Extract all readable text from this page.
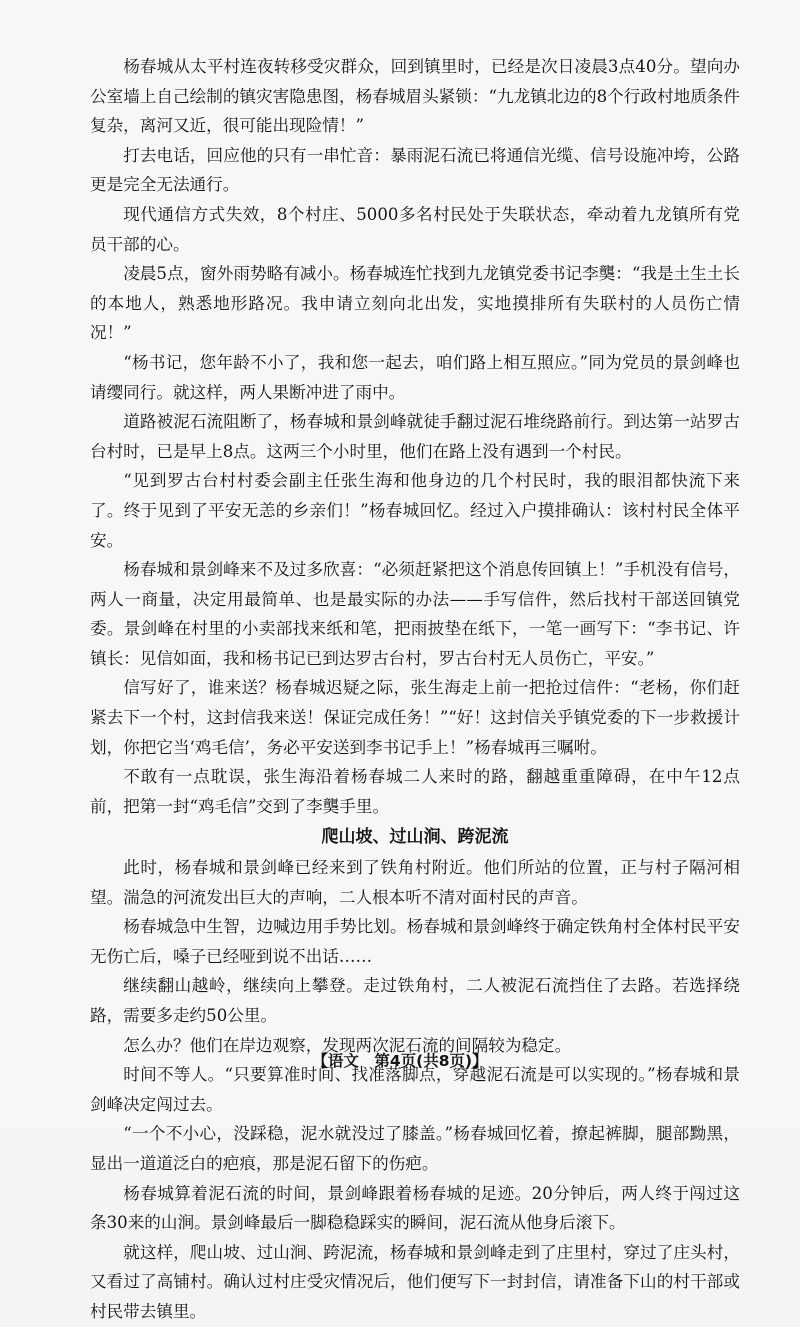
杨春城从太平村连夜转移受灾群众，回到镇里时，已经是次日凌晨3点40分。望向办公室墙上自己绘制的镇灾害隐患图，杨春城眉头紧锁：“九龙镇北边的8个行政村地质条件复杂，离河又近，很可能出现险情！”

打去电话，回应他的只有一串忙音：暴雨泥石流已将通信光缆、信号设施冲垮，公路更是完全无法通行。

现代通信方式失效，8个村庄、5000多名村民处于失联状态，牵动着九龙镇所有党员干部的心。

凌晨5点，窗外雨势略有减小。杨春城连忙找到九龙镇党委书记李龑：“我是土生土长的本地人，熟悉地形路况。我申请立刻向北出发，实地摸排所有失联村的人员伤亡情况！”

“杨书记，您年龄不小了，我和您一起去，咱们路上相互照应。”同为党员的景剑峰也请缨同行。就这样，两人果断冲进了雨中。

道路被泥石流阻断了，杨春城和景剑峰就徒手翻过泥石堆绕路前行。到达第一站罗古台村时，已是早上8点。这两三个小时里，他们在路上没有遇到一个村民。

“见到罗古台村村委会副主任张生海和他身边的几个村民时，我的眼泪都快流下来了。终于见到了平安无恙的乡亲们！”杨春城回忆。经过入户摸排确认：该村村民全体平安。

杨春城和景剑峰来不及过多欣喜：“必须赶紧把这个消息传回镇上！”手机没有信号，两人一商量，决定用最简单、也是最实际的办法——手写信件，然后找村干部送回镇党委。景剑峰在村里的小卖部找来纸和笔，把雨披垫在纸下，一笔一画写下：“李书记、许镇长：见信如面，我和杨书记已到达罗古台村，罗古台村无人员伤亡，平安。”

信写好了，谁来送？杨春城迟疑之际，张生海走上前一把抢过信件：“老杨，你们赶紧去下一个村，这封信我来送！保证完成任务！”“好！这封信关乎镇党委的下一步救援计划，你把它当‘鸡毛信’，务必平安送到李书记手上！”杨春城再三嘱咐。

不敢有一点耽误，张生海沿着杨春城二人来时的路，翻越重重障碍，在中午12点前，把第一封“鸡毛信”交到了李龑手里。

爬山坡、过山涧、跨泥流

此时，杨春城和景剑峰已经来到了铁角村附近。他们所站的位置，正与村子隔河相望。湍急的河流发出巨大的声响，二人根本听不清对面村民的声音。

杨春城急中生智，边喊边用手势比划。杨春城和景剑峰终于确定铁角村全体村民平安无伤亡后，嗓子已经哑到说不出话……

继续翻山越岭，继续向上攀登。走过铁角村，二人被泥石流挡住了去路。若选择绕路，需要多走约50公里。

怎么办？他们在岸边观察，发现两次泥石流的间隔较为稳定。

时间不等人。“只要算准时间、找准落脚点，穿越泥石流是可以实现的。”杨春城和景剑峰决定闯过去。

“一个不小心，没踩稳，泥水就没过了膝盖。”杨春城回忆着，撩起裤脚，腿部黝黑，显出一道道泛白的疤痕，那是泥石留下的伤疤。

杨春城算着泥石流的时间，景剑峰跟着杨春城的足迹。20分钟后，两人终于闯过这条30来的山涧。景剑峰最后一脚稳稳踩实的瞬间，泥石流从他身后滚下。

就这样，爬山坡、过山涧、跨泥流，杨春城和景剑峰走到了庄里村，穿过了庄头村，又看过了高铺村。确认过村庄受灾情况后，他们便写下一封封信，请准备下山的村干部或村民带去镇里。

【语文　第4页(共8页)】
